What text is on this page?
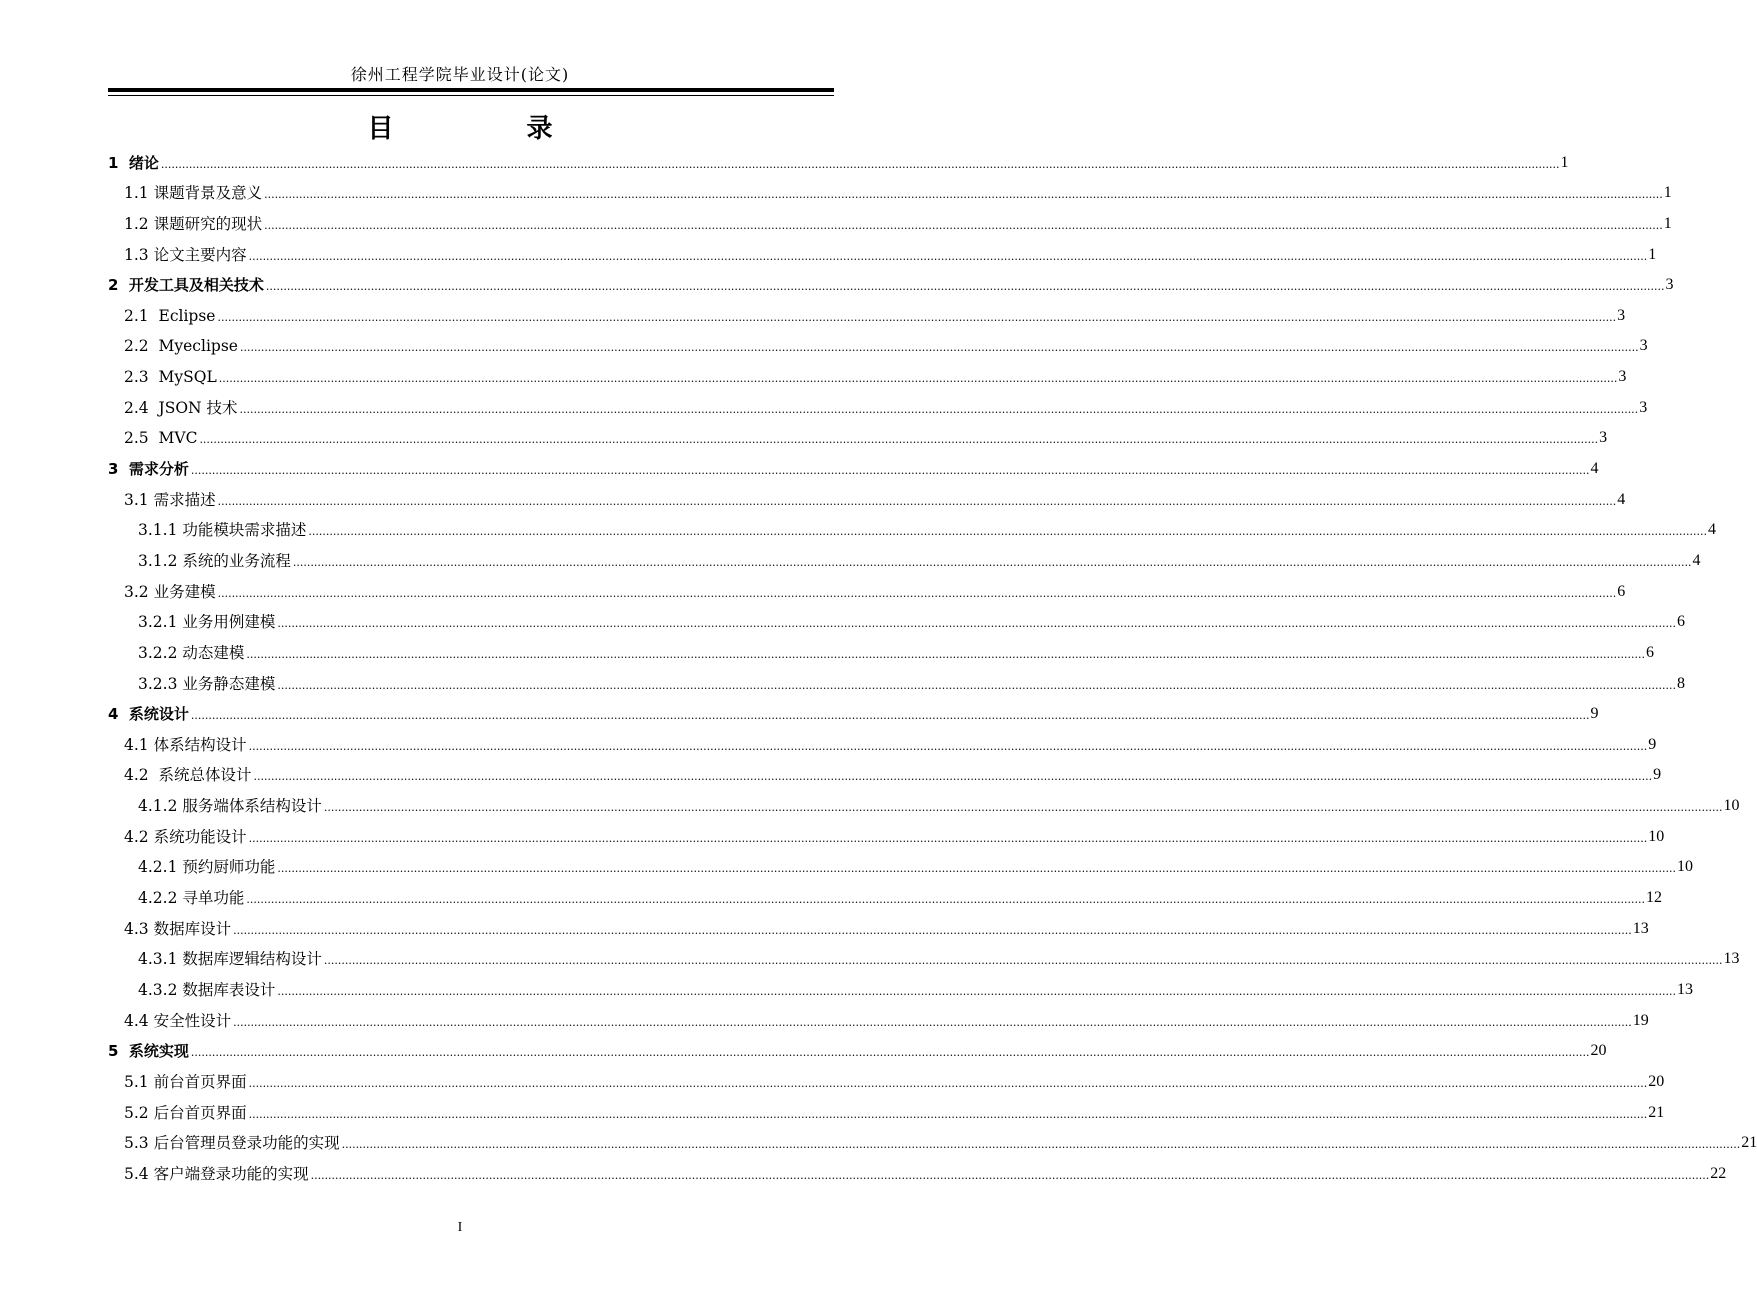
徐州工程学院毕业设计(论文)
目 录
1  绪论 ................................................................................................................................................................................................................................................................................................................................................................................................................ 1
1.1 课题背景及意义 ................................................................................................................................................................................................................................................................................................................................................................................................................ 1
1.2 课题研究的现状 ................................................................................................................................................................................................................................................................................................................................................................................................................ 1
1.3 论文主要内容 ................................................................................................................................................................................................................................................................................................................................................................................................................ 1
2  开发工具及相关技术 ................................................................................................................................................................................................................................................................................................................................................................................................................ 3
2.1  Eclipse ................................................................................................................................................................................................................................................................................................................................................................................................................ 3
2.2  Myeclipse ................................................................................................................................................................................................................................................................................................................................................................................................................ 3
2.3  MySQL ................................................................................................................................................................................................................................................................................................................................................................................................................ 3
2.4  JSON 技术 ................................................................................................................................................................................................................................................................................................................................................................................................................ 3
2.5  MVC ................................................................................................................................................................................................................................................................................................................................................................................................................ 3
3  需求分析 ................................................................................................................................................................................................................................................................................................................................................................................................................ 4
3.1 需求描述 ................................................................................................................................................................................................................................................................................................................................................................................................................ 4
3.1.1 功能模块需求描述 ................................................................................................................................................................................................................................................................................................................................................................................................................ 4
3.1.2 系统的业务流程 ................................................................................................................................................................................................................................................................................................................................................................................................................ 4
3.2 业务建模 ................................................................................................................................................................................................................................................................................................................................................................................................................ 6
3.2.1 业务用例建模 ................................................................................................................................................................................................................................................................................................................................................................................................................ 6
3.2.2 动态建模 ................................................................................................................................................................................................................................................................................................................................................................................................................ 6
3.2.3 业务静态建模 ................................................................................................................................................................................................................................................................................................................................................................................................................ 8
4  系统设计 ................................................................................................................................................................................................................................................................................................................................................................................................................ 9
4.1 体系结构设计 ................................................................................................................................................................................................................................................................................................................................................................................................................ 9
4.2  系统总体设计 ................................................................................................................................................................................................................................................................................................................................................................................................................ 9
4.1.2 服务端体系结构设计 ................................................................................................................................................................................................................................................................................................................................................................................................................ 10
4.2 系统功能设计 ................................................................................................................................................................................................................................................................................................................................................................................................................ 10
4.2.1 预约厨师功能 ................................................................................................................................................................................................................................................................................................................................................................................................................ 10
4.2.2 寻单功能 ................................................................................................................................................................................................................................................................................................................................................................................................................ 12
4.3 数据库设计 ................................................................................................................................................................................................................................................................................................................................................................................................................ 13
4.3.1 数据库逻辑结构设计 ................................................................................................................................................................................................................................................................................................................................................................................................................ 13
4.3.2 数据库表设计 ................................................................................................................................................................................................................................................................................................................................................................................................................ 13
4.4 安全性设计 ................................................................................................................................................................................................................................................................................................................................................................................................................ 19
5  系统实现 ................................................................................................................................................................................................................................................................................................................................................................................................................ 20
5.1 前台首页界面 ................................................................................................................................................................................................................................................................................................................................................................................................................ 20
5.2 后台首页界面 ................................................................................................................................................................................................................................................................................................................................................................................................................ 21
5.3 后台管理员登录功能的实现 ................................................................................................................................................................................................................................................................................................................................................................................................................ 21
5.4 客户端登录功能的实现 ................................................................................................................................................................................................................................................................................................................................................................................................................ 22
I
